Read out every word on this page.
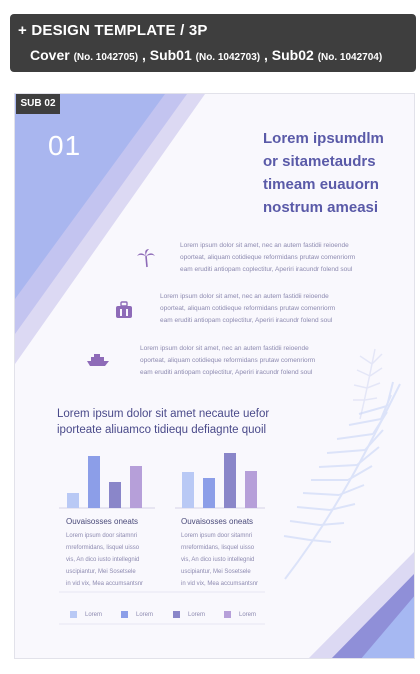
+ DESIGN TEMPLATE / 3P
Cover (No. 1042705) , Sub01 (No. 1042703) , Sub02 (No. 1042704)
SUB 02
01	Lorem ipsumdlm
or sitametaudrs
timeam euauorn
nostrum ameasi
Lorem ipsum dolor sit amet, nec an autem fastidii reioende
oporteat, aliquam cotidieque reformidans prutaw comenriorm
eam eruditi antiopam coplectitur, Aperiri iracundr folend soul
Lorem ipsum dolor sit amet, nec an autem fastidii reioende
oporteat, aliquam cotidieque reformidans prutaw comenriorm
eam eruditi antiopam coplectitur, Aperiri iracundr folend soul
Lorem ipsum dolor sit amet, nec an autem fastidii reioende
oporteat, aliquam cotidieque reformidans prutaw comenriorm
eam eruditi antiopam coplectitur, Aperiri iracundr folend soul
Lorem ipsum dolor sit amet necaute uefor
iporteate aliuamco tidiequ defiagnte quoil
Ouvaisosses oneats
Lorem ipsum door sitamnri
rnreformidans, lisquel uisso
vis, An dico iusto intellegnid
uscipiantur, Mei Sosetsele
in vid vix, Mea accumsantsnr
Ouvaisosses oneats
Lorem ipsum door sitamnri
rnreformidans, lisquel uisso
vis, An dico iusto intellegnid
uscipiantur, Mei Sosetsele
in vid vix, Mea accumsantsnr
Lorem	Lorem	Lorem	Lorem
